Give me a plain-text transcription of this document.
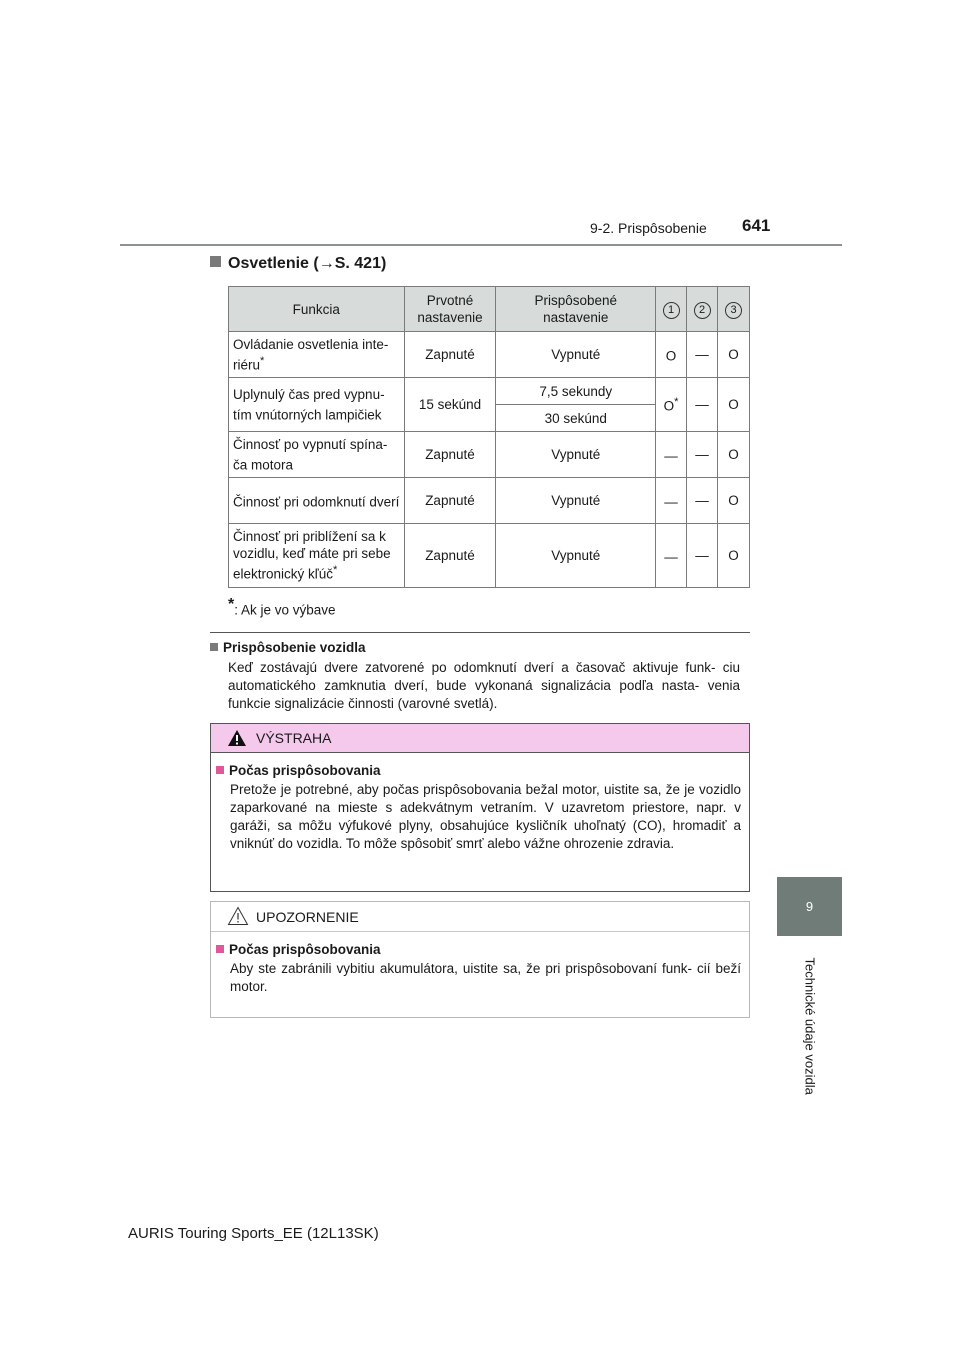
9-2. Prispôsobenie 641
9
Technické údaje vozidla
Osvetlenie (→S. 421)
Funkcia	Prvotné nastavenie	Prispôsobené nastavenie	1	2	3
Ovládanie osvetlenia inte- riéru*	Zapnuté	Vypnuté	O	—	O
Uplynulý čas pred vypnu- tím vnútorných lampičiek	15 sekúnd	7,5 sekundy	O*	—	O
		30 sekúnd			
Činnosť po vypnutí spína- ča motora	Zapnuté	Vypnuté	—	—	O
Činnosť pri odomknutí dverí	Zapnuté	Vypnuté	—	—	O
Činnosť pri priblížení sa k vozidlu, keď máte pri sebe elektronický kľúč*	Zapnuté	Vypnuté	—	—	O
*: Ak je vo výbave
Prispôsobenie vozidla
Keď zostávajú dvere zatvorené po odomknutí dverí a časovač aktivuje funk- ciu automatického zamknutia dverí, bude vykonaná signalizácia podľa nasta- venia funkcie signalizácie činnosti (varovné svetlá).
VÝSTRAHA
Počas prispôsobovania
Pretože je potrebné, aby počas prispôsobovania bežal motor, uistite sa, že je vozidlo zaparkované na mieste s adekvátnym vetraním. V uzavretom priestore, napr. v garáži, sa môžu výfukové plyny, obsahujúce kysličník uhoľnatý (CO), hromadiť a vniknúť do vozidla. To môže spôsobiť smrť alebo vážne ohrozenie zdravia.
UPOZORNENIE
Počas prispôsobovania
Aby ste zabránili vybitiu akumulátora, uistite sa, že pri prispôsobovaní funk- cií beží motor.
AURIS Touring Sports_EE (12L13SK)
